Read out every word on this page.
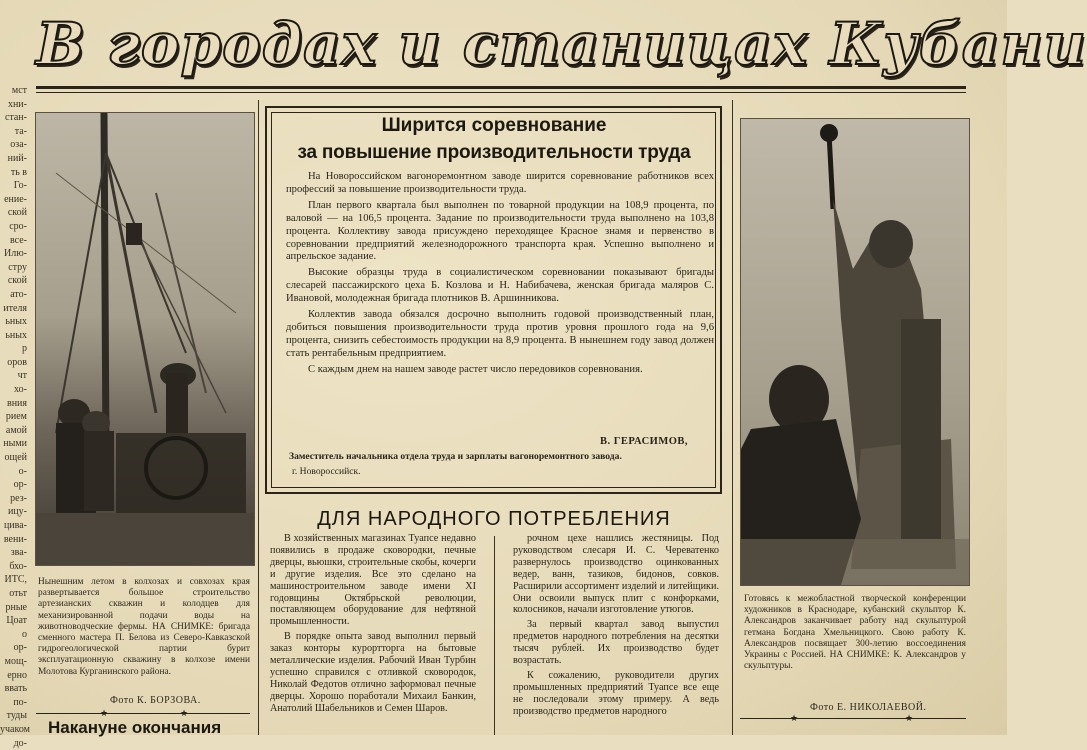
В городах и станицах Кубани
мст
хни-
стан-
та-
оза-
ний-
ть в
Го-
ение-
ской
сро-
все-
Илю-
стру
ской
ато-
ителя
ьных
ьных
р
оров
чт
хо-
вния
рием
амой
ными
ощей
о-
ор-
рез-
ицу-
цива-
вени-
зва-
бхо-
ИТС,
отьт
рные
Цоат
о
ор-
мощ-
ерно
ввать
по-
туды
учаком
до-
Нынешним летом в колхозах и совхозах края развертывается большое строительство артезианских скважин и колодцев для механизированной подачи воды на животноводческие фермы. НА СНИМКЕ: бригада сменного мастера П. Белова из Северо-Кавказской гидрогеологической партии бурит эксплуатационную скважину в колхозе имени Молотова Курганинского района.
Фото К. БОРЗОВА.
★	★
Накануне окончания
Ширится соревнование
за повышение производительности труда

На Новороссийском вагоноремонтном заводе ширится соревнование работников всех профессий за повышение производительности труда.

План первого квартала был выполнен по товарной продукции на 108,9 процента, по валовой — на 106,5 процента. Задание по производительности труда выполнено на 103,8 процента. Коллективу завода присуждено переходящее Красное знамя и первенство в соревновании предприятий железнодорожного транспорта края. Успешно выполнено и апрельское задание.

Высокие образцы труда в социалистическом соревновании показывают бригады слесарей пассажирского цеха Б. Козлова и Н. Набибачева, женская бригада маляров С. Ивановой, молодежная бригада плотников В. Аршинникова.

Коллектив завода обязался досрочно выполнить годовой производственный план, добиться повышения производительности труда против уровня прошлого года на 9,6 процента, снизить себестоимость продукции на 8,9 процента. В нынешнем году завод должен стать рентабельным предприятием.

С каждым днем на нашем заводе растет число передовиков соревнования.

В. ГЕРАСИМОВ,
Заместитель начальника отдела труда и зарплаты вагоноремонтного завода.
г. Новороссийск.
ДЛЯ НАРОДНОГО ПОТРЕБЛЕНИЯ

В хозяйственных магазинах Туапсе недавно появились в продаже сковородки, печные дверцы, вьюшки, строительные скобы, кочерги и другие изделия. Все это сделано на машиностроительном заводе имени XI годовщины Октябрьской революции, поставляющем оборудование для нефтяной промышленности.

В порядке опыта завод выполнил первый заказ конторы курортторга на бытовые металлические изделия. Рабочий Иван Турбин успешно справился с отливкой сковородок, Николай Федотов отлично заформовал печные дверцы. Хорошо поработали Михаил Банкин, Анатолий Шабельников и Семен Шаров.

рочном цехе нашлись жестяницы. Под руководством слесаря И. С. Череватенко развернулось производство оцинкованных ведер, ванн, тазиков, бидонов, совков. Расширили ассортимент изделий и литейщики. Они освоили выпуск плит с конфорками, колосников, начали изготовление утюгов.

За первый квартал завод выпустил предметов народного потребления на десятки тысяч рублей. Их производство будет возрастать.

К сожалению, руководители других промышленных предприятий Туапсе все еще не последовали этому примеру. А ведь производство предметов народного

Готовясь к межобластной творческой конференции художников в Краснодаре, кубанский скульптор К. Александров заканчивает работу над скульптурой гетмана Богдана Хмельницкого. Свою работу К. Александров посвящает 300-летию воссоединения Украины с Россией. НА СНИМКЕ: К. Александров у скульптуры.
Фото Е. НИКОЛАЕВОЙ.
★	★
